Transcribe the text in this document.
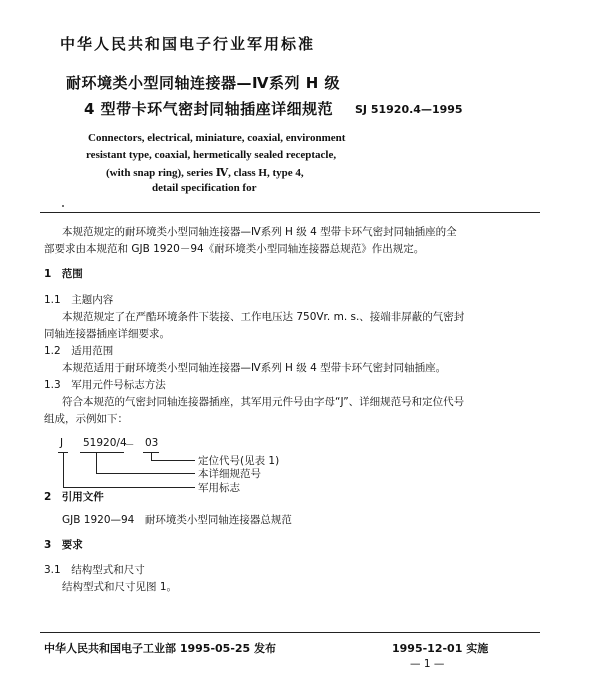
中华人民共和国电子行业军用标准
耐环境类小型同轴连接器—Ⅳ系列 H 级
4 型带卡环气密封同轴插座详细规范 SJ 51920.4—1995
Connectors, electrical, miniature, coaxial, environment
resistant type, coaxial, hermetically sealed receptacle,
(with snap ring), series Ⅳ, class H, type 4,
detail specification for
本规范规定的耐环境类小型同轴连接器—Ⅳ系列 H 级 4 型带卡环气密封同轴插座的全
部要求由本规范和 GJB 1920－94《耐环境类小型同轴连接器总规范》作出规定。
1　范围
1.1　主题内容
本规范规定了在严酷环境条件下装接、工作电压达 750Vr. m. s.、接端非屏蔽的气密封
同轴连接器插座详细要求。
1.2　适用范围
本规范适用于耐环境类小型同轴连接器—Ⅳ系列 H 级 4 型带卡环气密封同轴插座。
1.3　军用元件号标志方法
符合本规范的气密封同轴连接器插座，其军用元件号由字母“J”、详细规范号和定位代号
组成，示例如下：
J 51920/4
－ 03
定位代号(见表 1)
本详细规范号
军用标志
2　引用文件
GJB 1920—94　耐环境类小型同轴连接器总规范
3　要求
3.1　结构型式和尺寸
结构型式和尺寸见图 1。
中华人民共和国电子工业部 1995-05-25 发布	1995-12-01 实施
— 1 —
